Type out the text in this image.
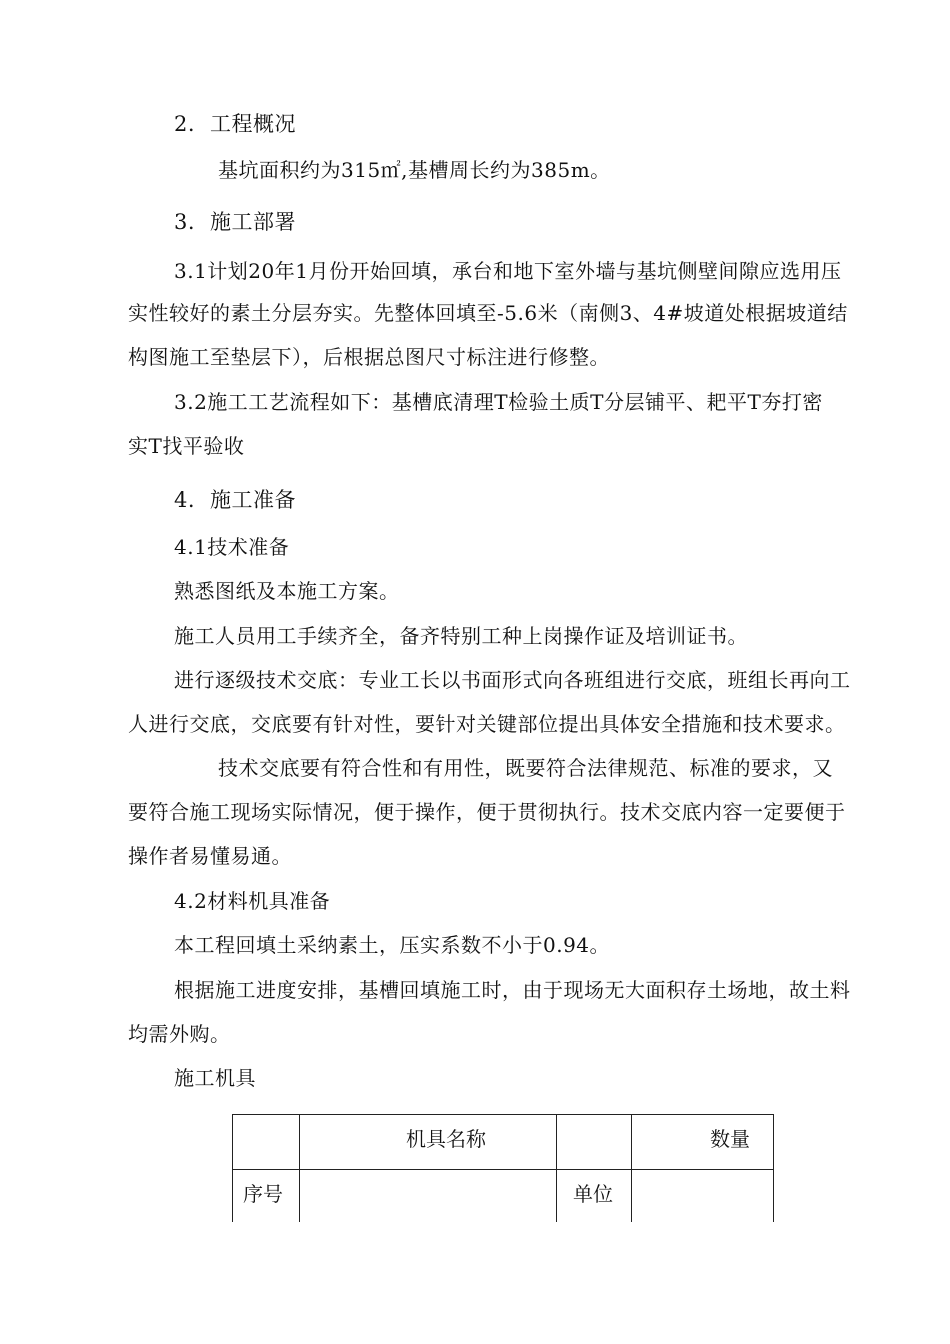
2. 工程概况
基坑面积约为315㎡,基槽周长约为385m。
3. 施工部署
3.1计划20年1月份开始回填，承台和地下室外墙与基坑侧壁间隙应选用压
实性较好的素土分层夯实。先整体回填至-5.6米（南侧3、4#坡道处根据坡道结
构图施工至垫层下），后根据总图尺寸标注进行修整。
3.2施工工艺流程如下：基槽底清理T检验土质T分层铺平、耙平T夯打密
实T找平验收
4. 施工准备
4.1技术准备
熟悉图纸及本施工方案。
施工人员用工手续齐全，备齐特别工种上岗操作证及培训证书。
进行逐级技术交底：专业工长以书面形式向各班组进行交底，班组长再向工
人进行交底，交底要有针对性，要针对关键部位提出具体安全措施和技术要求。
技术交底要有符合性和有用性，既要符合法律规范、标准的要求，又
要符合施工现场实际情况，便于操作，便于贯彻执行。技术交底内容一定要便于
操作者易懂易通。
4.2材料机具准备
本工程回填土采纳素土，压实系数不小于0.94。
根据施工进度安排，基槽回填施工时，由于现场无大面积存土场地，故土料
均需外购。
施工机具

	机具名称		数量

序号		单位	
